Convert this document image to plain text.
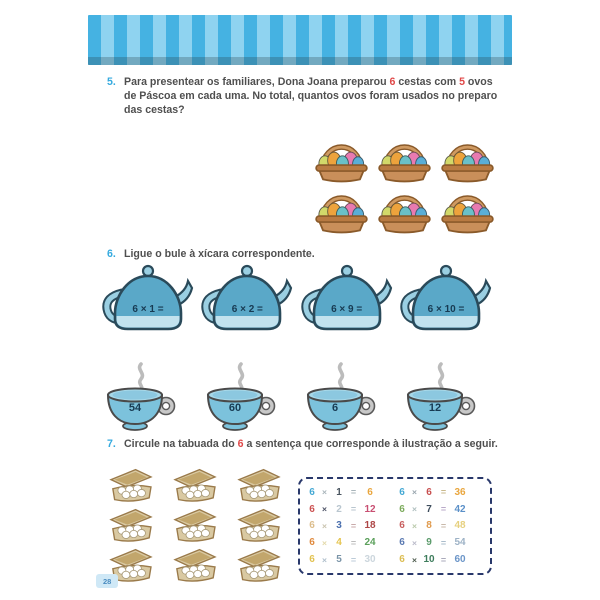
5. Para presentear os familiares, Dona Joana preparou 6 cestas com 5 ovos de Páscoa em cada uma. No total, quantos ovos foram usados no preparo das cestas?
6. Ligue o bule à xícara correspondente.
6 × 1 =	6 × 2 =	6 × 9 =	6 × 10 =
54	60	6	12
7. Circule na tabuada do 6 a sentença que corresponde à ilustração a seguir.
6 × 1	=	6
6 × 2	= 12
6 × 3	= 18
6 × 4	= 24
6 × 5	= 30
6 × 6	= 36
6 × 7	= 42
6 × 8	= 48
6 × 9	= 54
6 × 10 = 60
28
